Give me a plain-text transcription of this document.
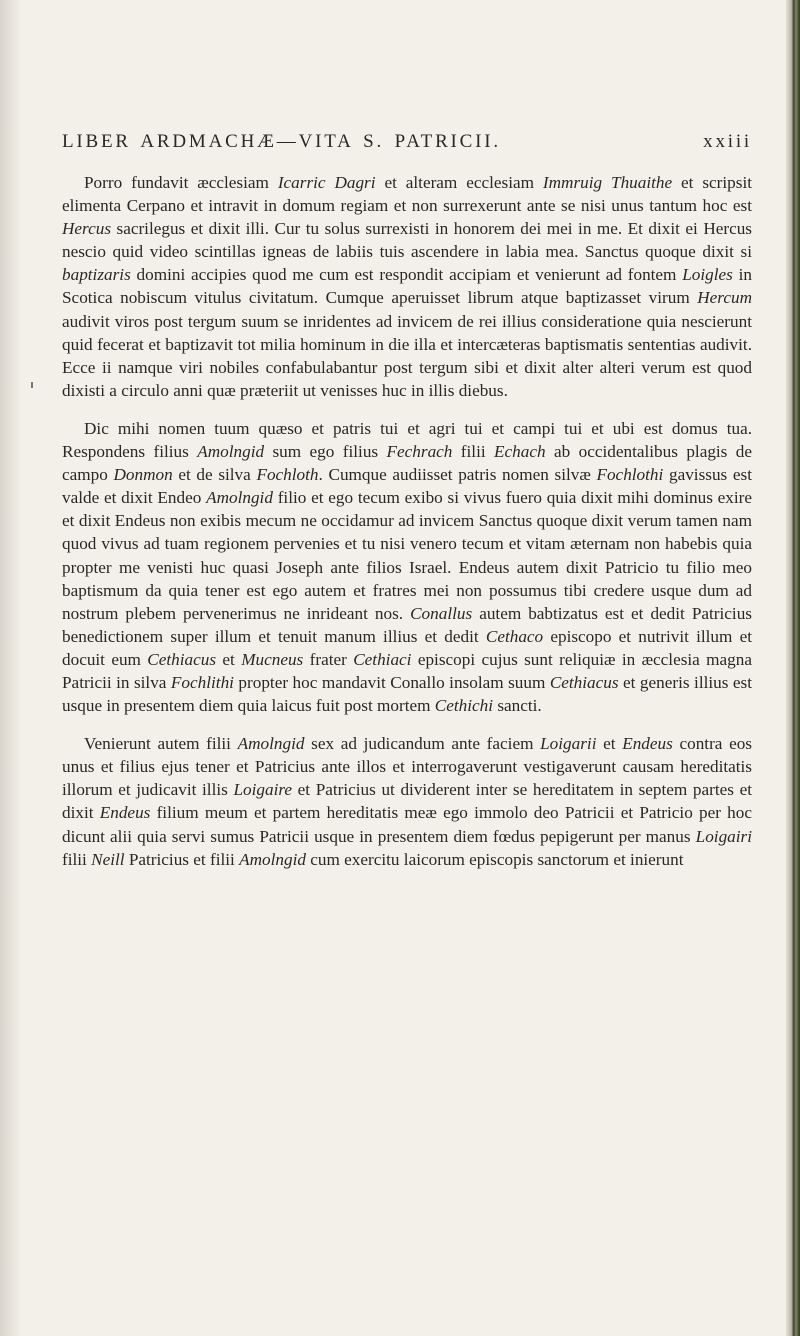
LIBER ARDMACHÆ—VITA S. PATRICII.	xxiii

Porro fundavit æcclesiam Icarric Dagri et alteram ecclesiam Immruig Thuaithe et scripsit elimenta Cerpano et intravit in domum regiam et non surrexerunt ante se nisi unus tantum hoc est Hercus sacrilegus et dixit illi. Cur tu solus surrexisti in honorem dei mei in me. Et dixit ei Hercus nescio quid video scintillas igneas de labiis tuis ascendere in labia mea. Sanctus quoque dixit si baptizaris domini accipies quod me cum est respondit accipiam et venierunt ad fontem Loigles in Scotica nobiscum vitulus civitatum. Cumque aperuisset librum atque baptizasset virum Hercum audivit viros post tergum suum se inridentes ad invicem de rei illius consideratione quia nescierunt quid fecerat et baptizavit tot milia hominum in die illa et intercæteras baptismatis sententias audivit. Ecce ii namque viri nobiles confabulabantur post tergum sibi et dixit alter alteri verum est quod dixisti a circulo anni quæ præteriit ut venisses huc in illis diebus.

Dic mihi nomen tuum quæso et patris tui et agri tui et campi tui et ubi est domus tua. Respondens filius Amolngid sum ego filius Fechrach filii Echach ab occidentalibus plagis de campo Donmon et de silva Fochloth. Cumque audiisset patris nomen silvæ Fochlothi gavissus est valde et dixit Endeo Amolngid filio et ego tecum exibo si vivus fuero quia dixit mihi dominus exire et dixit Endeus non exibis mecum ne occidamur ad invicem Sanctus quoque dixit verum tamen nam quod vivus ad tuam regionem pervenies et tu nisi venero tecum et vitam æternam non habebis quia propter me venisti huc quasi Joseph ante filios Israel. Endeus autem dixit Patricio tu filio meo baptismum da quia tener est ego autem et fratres mei non possumus tibi credere usque dum ad nostrum plebem pervenerimus ne inrideant nos. Conallus autem babtizatus est et dedit Patricius benedictionem super illum et tenuit manum illius et dedit Cethaco episcopo et nutrivit illum et docuit eum Cethiacus et Mucneus frater Cethiaci episcopi cujus sunt reliquiæ in æcclesia magna Patricii in silva Fochlithi propter hoc mandavit Conallo insolam suum Cethiacus et generis illius est usque in presentem diem quia laicus fuit post mortem Cethichi sancti.

Venierunt autem filii Amolngid sex ad judicandum ante faciem Loigarii et Endeus contra eos unus et filius ejus tener et Patricius ante illos et interrogaverunt vestigaverunt causam hereditatis illorum et judicavit illis Loigaire et Patricius ut dividerent inter se hereditatem in septem partes et dixit Endeus filium meum et partem hereditatis meæ ego immolo deo Patricii et Patricio per hoc dicunt alii quia servi sumus Patricii usque in presentem diem fœdus pepigerunt per manus Loigairi filii Neill Patricius et filii Amolngid cum exercitu laicorum episcopis sanctorum et inierunt
